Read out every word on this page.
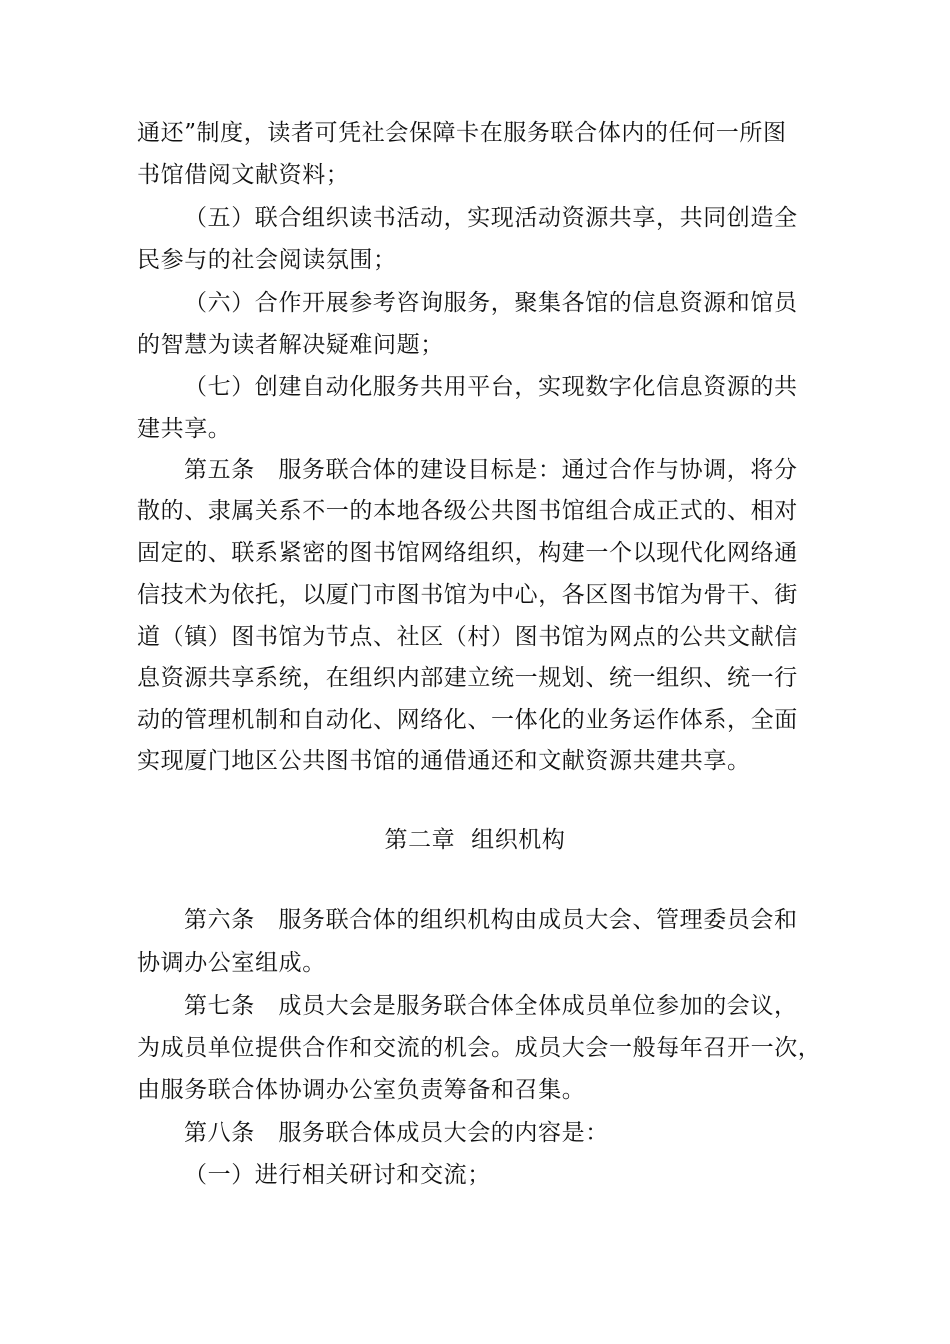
通还”制度，读者可凭社会保障卡在服务联合体内的任何一所图
书馆借阅文献资料；
（五）联合组织读书活动，实现活动资源共享，共同创造全
民参与的社会阅读氛围；
（六）合作开展参考咨询服务，聚集各馆的信息资源和馆员
的智慧为读者解决疑难问题；
（七）创建自动化服务共用平台，实现数字化信息资源的共
建共享。
第五条　服务联合体的建设目标是：通过合作与协调，将分
散的、隶属关系不一的本地各级公共图书馆组合成正式的、相对
固定的、联系紧密的图书馆网络组织，构建一个以现代化网络通
信技术为依托，以厦门市图书馆为中心，各区图书馆为骨干、街
道（镇）图书馆为节点、社区（村）图书馆为网点的公共文献信
息资源共享系统，在组织内部建立统一规划、统一组织、统一行
动的管理机制和自动化、网络化、一体化的业务运作体系，全面
实现厦门地区公共图书馆的通借通还和文献资源共建共享。
第二章  组织机构
第六条　服务联合体的组织机构由成员大会、管理委员会和
协调办公室组成。
第七条　成员大会是服务联合体全体成员单位参加的会议，
为成员单位提供合作和交流的机会。成员大会一般每年召开一次，
由服务联合体协调办公室负责筹备和召集。
第八条　服务联合体成员大会的内容是：
（一）进行相关研讨和交流；
